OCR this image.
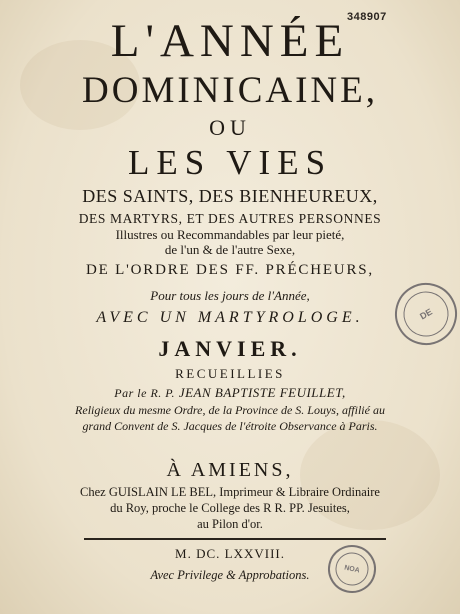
348907
L'ANNÉE
DOMINICAINE,
OU
LES VIES
DES SAINTS, DES BIENHEUREUX,
DES MARTYRS, ET DES AUTRES PERSONNES
Illustres ou Recommandables par leur pieté,
de l'un & de l'autre Sexe,
DE L'ORDRE DES FF. PRÉCHEURS,
Pour tous les jours de l'Année,
AVEC UN MARTYROLOGE.
JANVIER.
RECUEILLIES
Par le R. P. JEAN BAPTISTE FEUILLET,
Religieux du mesme Ordre, de la Province de S. Louys, affilié au
grand Convent de S. Jacques de l'étroite Observance à Paris.
À AMIENS,
Chez GUISLAIN LE BEL, Imprimeur & Libraire Ordinaire
du Roy, proche le College des R R. PP. Jesuites,
au Pilon d'or.
M. DC. LXXVIII.
Avec Privilege & Approbations.
DE
NOA
